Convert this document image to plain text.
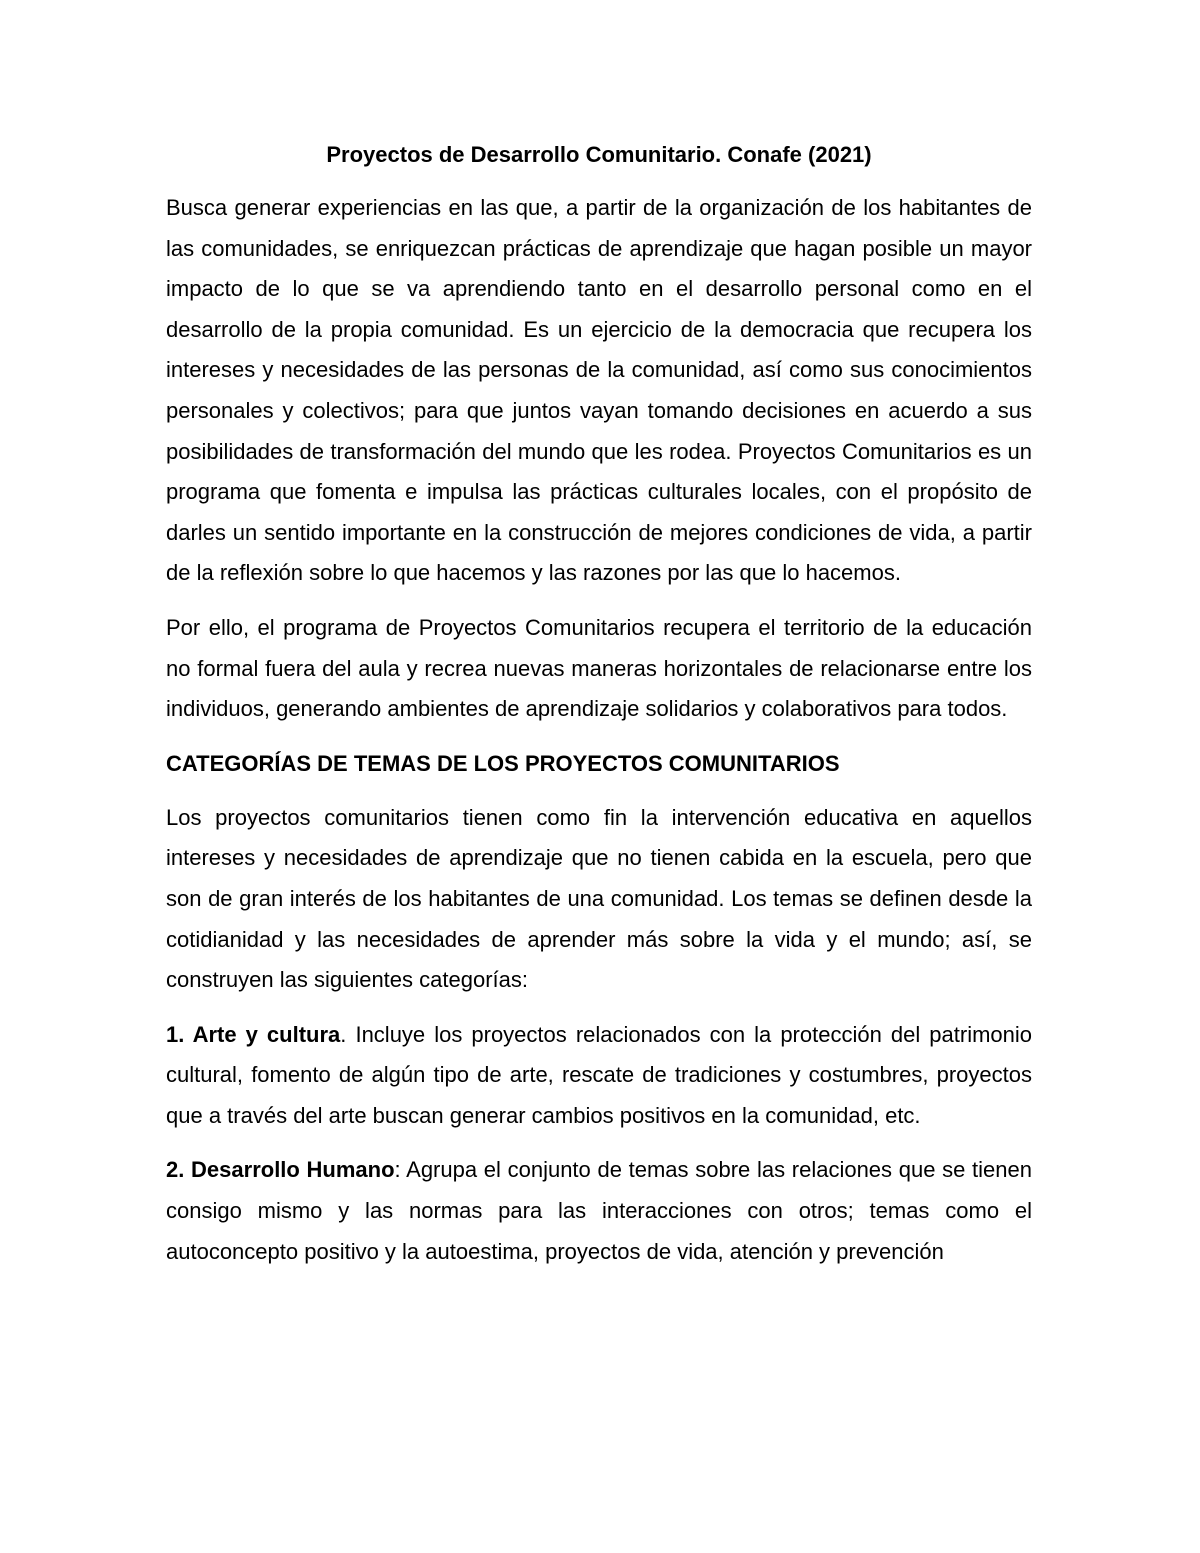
Proyectos de Desarrollo Comunitario. Conafe (2021)

Busca generar experiencias en las que, a partir de la organización de los habitantes de las comunidades, se enriquezcan prácticas de aprendizaje que hagan posible un mayor impacto de lo que se va aprendiendo tanto en el desarrollo personal como en el desarrollo de la propia comunidad. Es un ejercicio de la democracia que recupera los intereses y necesidades de las personas de la comunidad, así como sus conocimientos personales y colectivos; para que juntos vayan tomando decisiones en acuerdo a sus posibilidades de transformación del mundo que les rodea. Proyectos Comunitarios es un programa que fomenta e impulsa las prácticas culturales locales, con el propósito de darles un sentido importante en la construcción de mejores condiciones de vida, a partir de la reflexión sobre lo que hacemos y las razones por las que lo hacemos.

Por ello, el programa de Proyectos Comunitarios recupera el territorio de la educación no formal fuera del aula y recrea nuevas maneras horizontales de relacionarse entre los individuos, generando ambientes de aprendizaje solidarios y colaborativos para todos.

CATEGORÍAS DE TEMAS DE LOS PROYECTOS COMUNITARIOS

Los proyectos comunitarios tienen como fin la intervención educativa en aquellos intereses y necesidades de aprendizaje que no tienen cabida en la escuela, pero que son de gran interés de los habitantes de una comunidad. Los temas se definen desde la cotidianidad y las necesidades de aprender más sobre la vida y el mundo; así, se construyen las siguientes categorías:

1. Arte y cultura. Incluye los proyectos relacionados con la protección del patrimonio cultural, fomento de algún tipo de arte, rescate de tradiciones y costumbres, proyectos que a través del arte buscan generar cambios positivos en la comunidad, etc.

2. Desarrollo Humano: Agrupa el conjunto de temas sobre las relaciones que se tienen consigo mismo y las normas para las interacciones con otros; temas como el autoconcepto positivo y la autoestima, proyectos de vida, atención y prevención
